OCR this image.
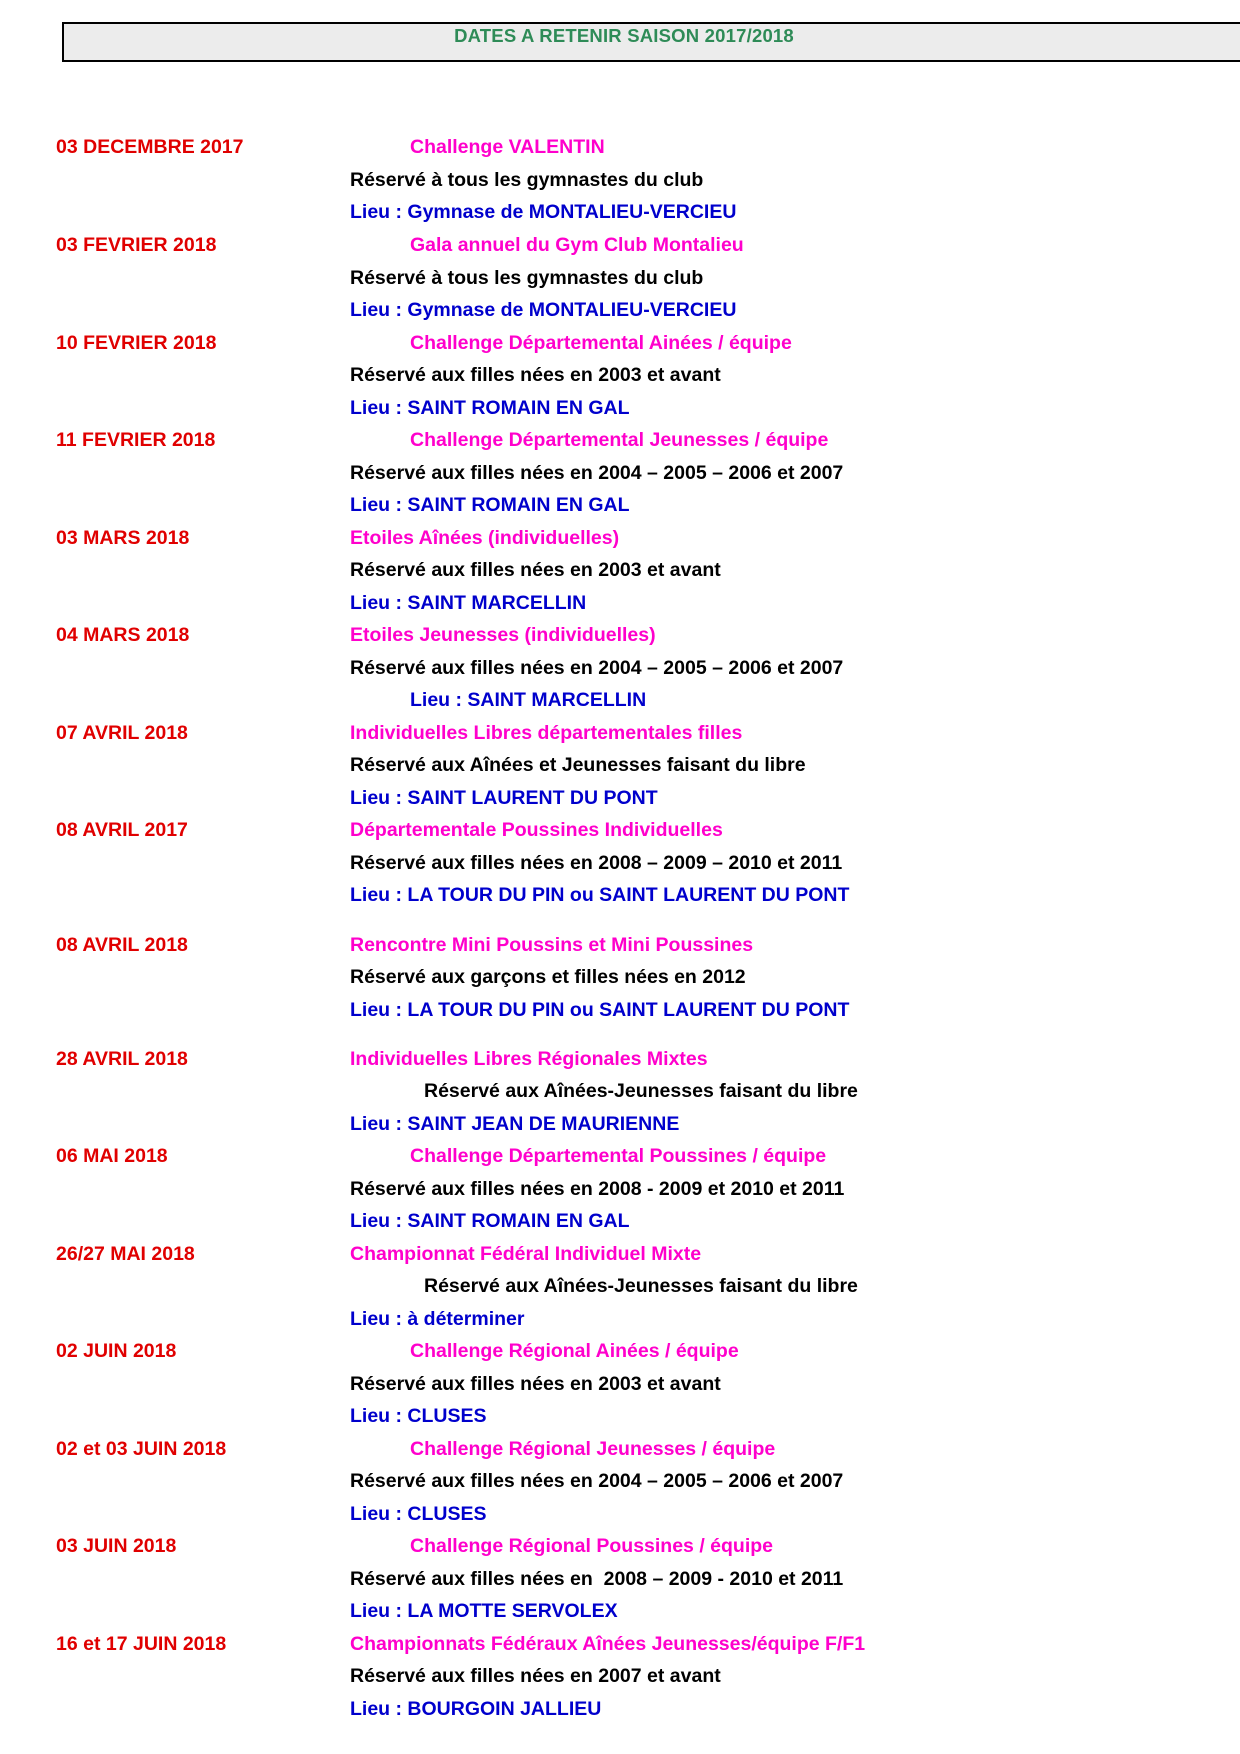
DATES A RETENIR SAISON 2017/2018
03 DECEMBRE 2017	Challenge VALENTIN
Réservé à tous les gymnastes du club
Lieu : Gymnase de MONTALIEU-VERCIEU
03 FEVRIER 2018	Gala annuel du Gym Club Montalieu
Réservé à tous les gymnastes du club
Lieu : Gymnase de MONTALIEU-VERCIEU
10 FEVRIER 2018	Challenge Départemental Ainées / équipe
Réservé aux filles nées en 2003 et avant
Lieu : SAINT ROMAIN EN GAL
11 FEVRIER 2018	Challenge Départemental Jeunesses / équipe
Réservé aux filles nées en 2004 – 2005 – 2006 et 2007
Lieu : SAINT ROMAIN EN GAL
03 MARS 2018	Etoiles Aînées (individuelles)
Réservé aux filles nées en 2003 et avant
Lieu : SAINT MARCELLIN
04 MARS 2018	Etoiles Jeunesses (individuelles)
Réservé aux filles nées en 2004 – 2005 – 2006 et 2007
Lieu : SAINT MARCELLIN
07 AVRIL 2018	Individuelles Libres départementales filles
Réservé aux Aînées et Jeunesses faisant du libre
Lieu : SAINT LAURENT DU PONT
08 AVRIL 2017	Départementale Poussines Individuelles
Réservé aux filles nées en 2008 – 2009 – 2010 et 2011
Lieu : LA TOUR DU PIN ou SAINT LAURENT DU PONT
08 AVRIL 2018	Rencontre Mini Poussins et Mini Poussines
Réservé aux garçons et filles nées en 2012
Lieu : LA TOUR DU PIN ou SAINT LAURENT DU PONT
28 AVRIL 2018	Individuelles Libres Régionales Mixtes
Réservé aux Aînées-Jeunesses faisant du libre
Lieu : SAINT JEAN DE MAURIENNE
06 MAI 2018	Challenge Départemental Poussines / équipe
Réservé aux filles nées en 2008 - 2009 et 2010 et 2011
Lieu : SAINT ROMAIN EN GAL
26/27 MAI 2018	Championnat Fédéral Individuel Mixte
Réservé aux Aînées-Jeunesses faisant du libre
Lieu : à déterminer
02 JUIN 2018	Challenge Régional Ainées / équipe
Réservé aux filles nées en 2003 et avant
Lieu : CLUSES
02 et 03 JUIN 2018	Challenge Régional Jeunesses / équipe
Réservé aux filles nées en 2004 – 2005 – 2006 et 2007
Lieu : CLUSES
03 JUIN 2018	Challenge Régional Poussines / équipe
Réservé aux filles nées en  2008 – 2009 - 2010 et 2011
Lieu : LA MOTTE SERVOLEX
16 et 17 JUIN 2018	Championnats Fédéraux Aînées Jeunesses/équipe F/F1
Réservé aux filles nées en 2007 et avant
Lieu : BOURGOIN JALLIEU
